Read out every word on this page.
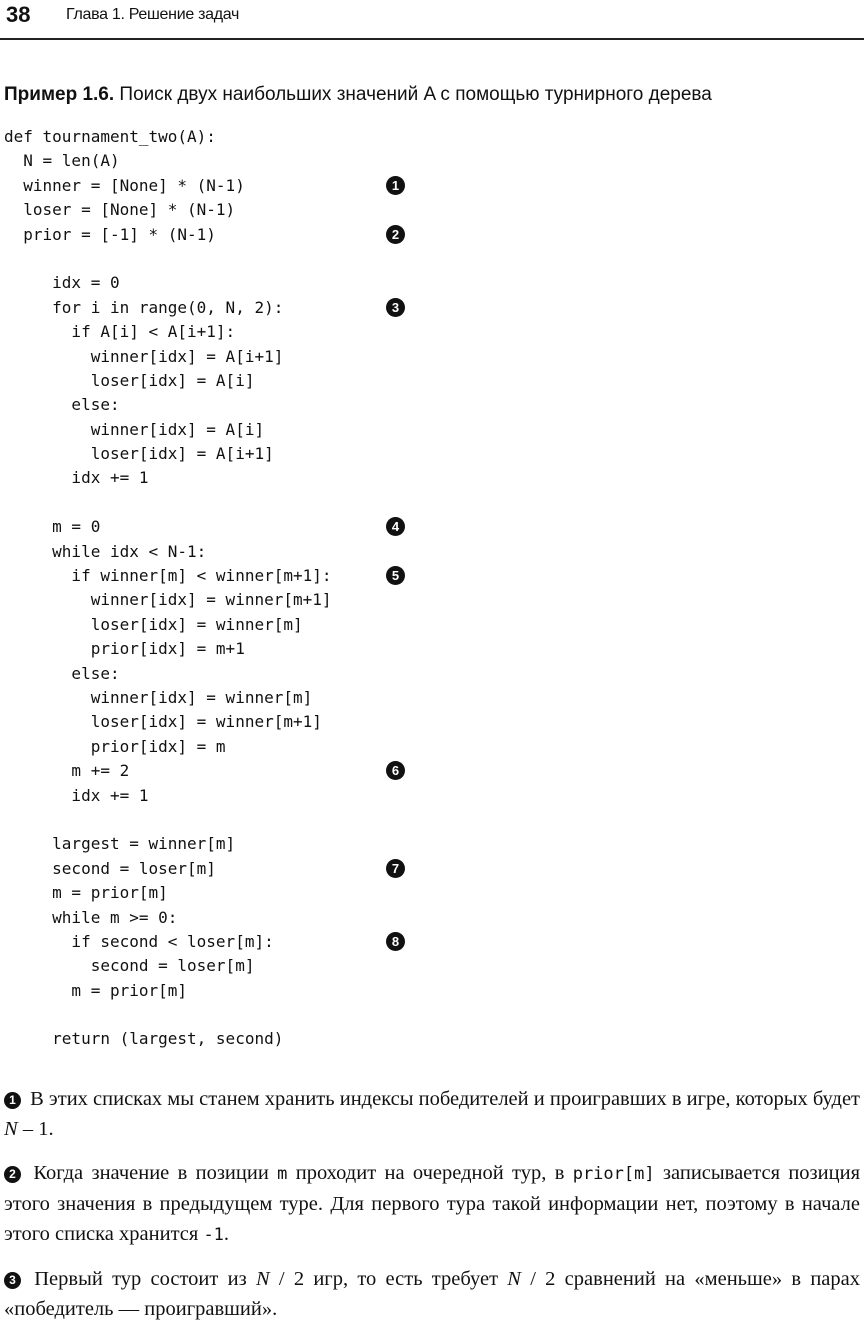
38 Глава 1. Решение задач
Пример 1.6. Поиск двух наибольших значений A с помощью турнирного дерева
def tournament_two(A):
N = len(A)
winner = [None] * (N-1)	1
loser = [None] * (N-1)
prior = [-1] * (N-1)	2
idx = 0
for i in range(0, N, 2):	3
if A[i] < A[i+1]:
winner[idx] = A[i+1]
loser[idx] = A[i]
else:
winner[idx] = A[i]
loser[idx] = A[i+1]
idx += 1
m = 0	4
while idx < N-1:
if winner[m] < winner[m+1]:	5
winner[idx] = winner[m+1]
loser[idx] = winner[m]
prior[idx] = m+1
else:
winner[idx] = winner[m]
loser[idx] = winner[m+1]
prior[idx] = m
m += 2	6
idx += 1
largest = winner[m]
second = loser[m]	7
m = prior[m]
while m >= 0:
if second < loser[m]:	8
second = loser[m]
m = prior[m]
return (largest, second)

1 В этих списках мы станем хранить индексы победителей и проигравших в игре, которых будет N – 1.

2 Когда значение в позиции m проходит на очередной тур, в prior[m] записывается позиция этого значения в предыдущем туре. Для первого тура такой информации нет, поэтому в начале этого списка хранится -1.

3 Первый тур состоит из N / 2 игр, то есть требует N / 2 сравнений на «меньше» в парах «победитель — проигравший».
